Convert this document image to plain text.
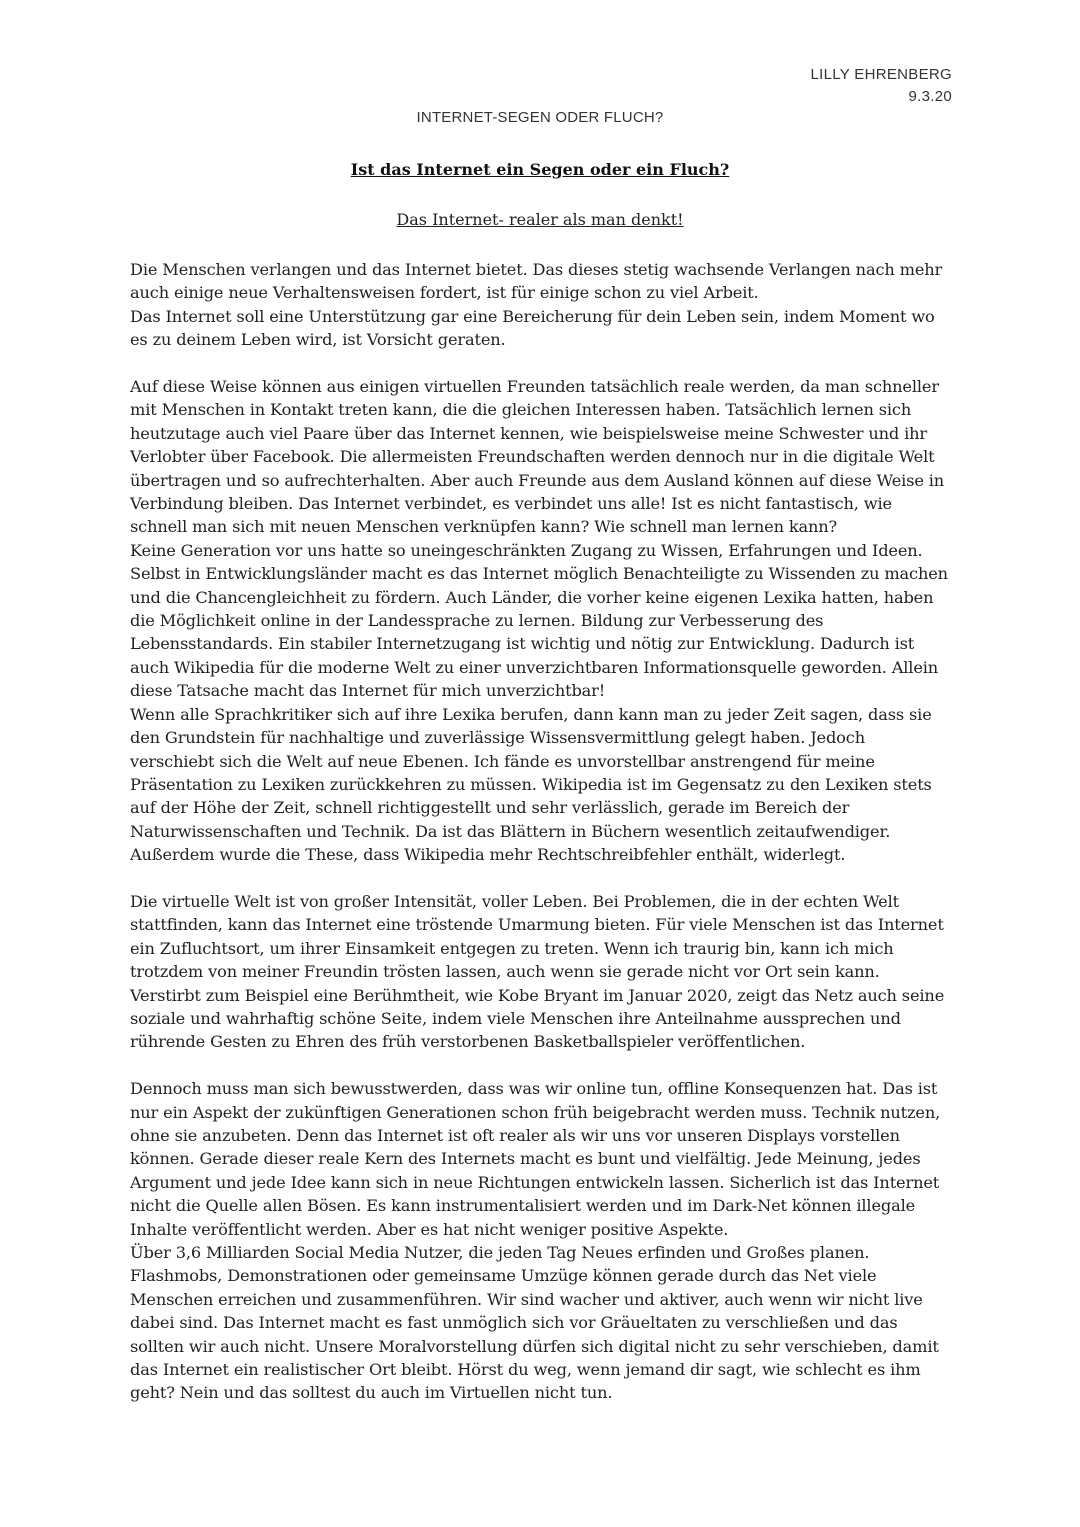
LILLY EHRENBERG
9.3.20
INTERNET-SEGEN ODER FLUCH?
Ist das Internet ein Segen oder ein Fluch?
Das Internet- realer als man denkt!

Die Menschen verlangen und das Internet bietet. Das dieses stetig wachsende Verlangen nach mehr auch einige neue Verhaltensweisen fordert, ist für einige schon zu viel Arbeit.
Das Internet soll eine Unterstützung gar eine Bereicherung für dein Leben sein, indem Moment wo es zu deinem Leben wird, ist Vorsicht geraten.

Auf diese Weise können aus einigen virtuellen Freunden tatsächlich reale werden, da man schneller mit Menschen in Kontakt treten kann, die die gleichen Interessen haben. Tatsächlich lernen sich heutzutage auch viel Paare über das Internet kennen, wie beispielsweise meine Schwester und ihr Verlobter über Facebook. Die allermeisten Freundschaften werden dennoch nur in die digitale Welt übertragen und so aufrechterhalten. Aber auch Freunde aus dem Ausland können auf diese Weise in Verbindung bleiben. Das Internet verbindet, es verbindet uns alle! Ist es nicht fantastisch, wie schnell man sich mit neuen Menschen verknüpfen kann? Wie schnell man lernen kann?
Keine Generation vor uns hatte so uneingeschränkten Zugang zu Wissen, Erfahrungen und Ideen. Selbst in Entwicklungsländer macht es das Internet möglich Benachteiligte zu Wissenden zu machen und die Chancengleichheit zu fördern. Auch Länder, die vorher keine eigenen Lexika hatten, haben die Möglichkeit online in der Landessprache zu lernen. Bildung zur Verbesserung des Lebensstandards. Ein stabiler Internetzugang ist wichtig und nötig zur Entwicklung. Dadurch ist auch Wikipedia für die moderne Welt zu einer unverzichtbaren Informationsquelle geworden. Allein diese Tatsache macht das Internet für mich unverzichtbar!
Wenn alle Sprachkritiker sich auf ihre Lexika berufen, dann kann man zu jeder Zeit sagen, dass sie den Grundstein für nachhaltige und zuverlässige Wissensvermittlung gelegt haben. Jedoch verschiebt sich die Welt auf neue Ebenen. Ich fände es unvorstellbar anstrengend für meine Präsentation zu Lexiken zurückkehren zu müssen. Wikipedia ist im Gegensatz zu den Lexiken stets auf der Höhe der Zeit, schnell richtiggestellt und sehr verlässlich, gerade im Bereich der Naturwissenschaften und Technik. Da ist das Blättern in Büchern wesentlich zeitaufwendiger. Außerdem wurde die These, dass Wikipedia mehr Rechtschreibfehler enthält, widerlegt.

Die virtuelle Welt ist von großer Intensität, voller Leben. Bei Problemen, die in der echten Welt stattfinden, kann das Internet eine tröstende Umarmung bieten. Für viele Menschen ist das Internet ein Zufluchtsort, um ihrer Einsamkeit entgegen zu treten. Wenn ich traurig bin, kann ich mich trotzdem von meiner Freundin trösten lassen, auch wenn sie gerade nicht vor Ort sein kann. Verstirbt zum Beispiel eine Berühmtheit, wie Kobe Bryant im Januar 2020, zeigt das Netz auch seine soziale und wahrhaftig schöne Seite, indem viele Menschen ihre Anteilnahme aussprechen und rührende Gesten zu Ehren des früh verstorbenen Basketballspieler veröffentlichen.

Dennoch muss man sich bewusstwerden, dass was wir online tun, offline Konsequenzen hat. Das ist nur ein Aspekt der zukünftigen Generationen schon früh beigebracht werden muss. Technik nutzen, ohne sie anzubeten. Denn das Internet ist oft realer als wir uns vor unseren Displays vorstellen können. Gerade dieser reale Kern des Internets macht es bunt und vielfältig. Jede Meinung, jedes Argument und jede Idee kann sich in neue Richtungen entwickeln lassen. Sicherlich ist das Internet nicht die Quelle allen Bösen. Es kann instrumentalisiert werden und im Dark-Net können illegale Inhalte veröffentlicht werden. Aber es hat nicht weniger positive Aspekte.
Über 3,6 Milliarden Social Media Nutzer, die jeden Tag Neues erfinden und Großes planen. Flashmobs, Demonstrationen oder gemeinsame Umzüge können gerade durch das Net viele Menschen erreichen und zusammenführen. Wir sind wacher und aktiver, auch wenn wir nicht live dabei sind. Das Internet macht es fast unmöglich sich vor Gräueltaten zu verschließen und das sollten wir auch nicht. Unsere Moralvorstellung dürfen sich digital nicht zu sehr verschieben, damit das Internet ein realistischer Ort bleibt. Hörst du weg, wenn jemand dir sagt, wie schlecht es ihm geht? Nein und das solltest du auch im Virtuellen nicht tun.
